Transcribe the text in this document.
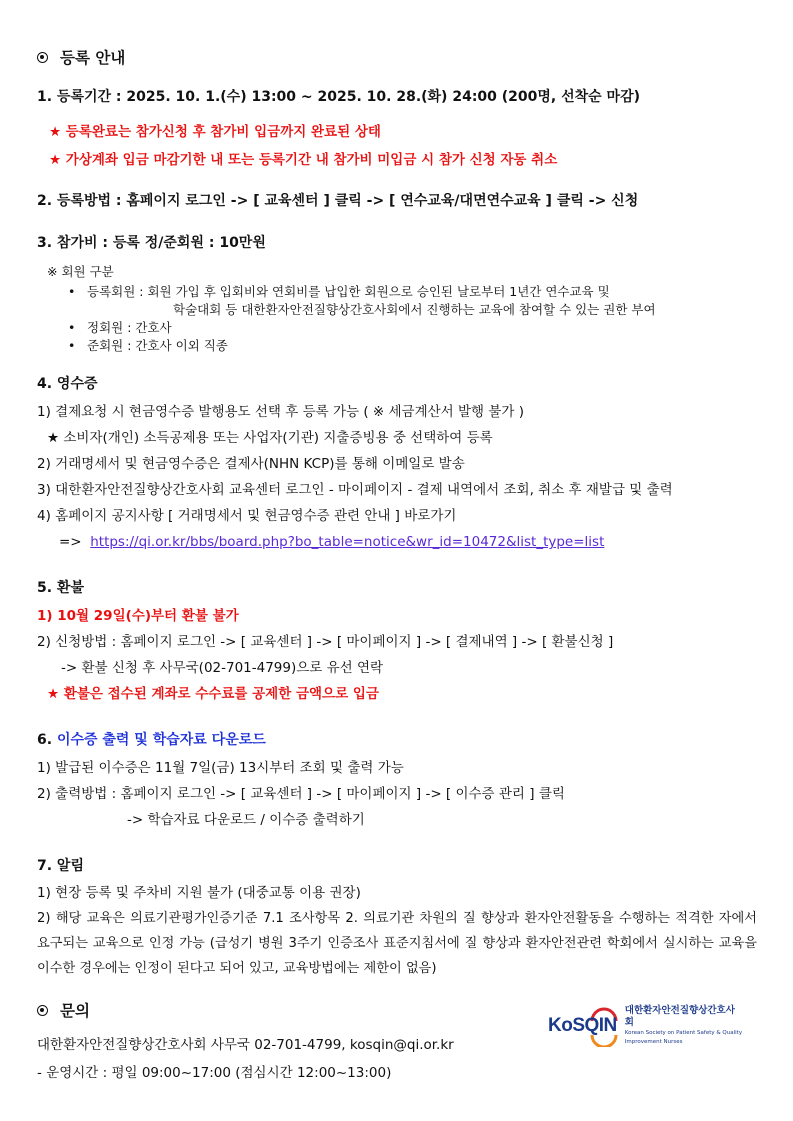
등록 안내

1. 등록기간 : 2025. 10. 1.(수) 13:00 ~ 2025. 10. 28.(화) 24:00 (200명, 선착순 마감)

★ 등록완료는 참가신청 후 참가비 입금까지 완료된 상태

★ 가상계좌 입금 마감기한 내 또는 등록기간 내 참가비 미입금 시 참가 신청 자동 취소

2. 등록방법 : 홈페이지 로그인 -> [ 교육센터 ] 클릭 -> [ 연수교육/대면연수교육 ] 클릭 -> 신청

3. 참가비 : 등록 정/준회원 : 10만원

※ 회원 구분

• 등록회원 : 회원 가입 후 입회비와 연회비를 납입한 회원으로 승인된 날로부터 1년간 연수교육 및
학술대회 등 대한환자안전질향상간호사회에서 진행하는 교육에 참여할 수 있는 권한 부여
• 정회원 : 간호사
• 준회원 : 간호사 이외 직종

4. 영수증

1) 결제요청 시 현금영수증 발행용도 선택 후 등록 가능 ( ※ 세금계산서 발행 불가 )

★ 소비자(개인) 소득공제용 또는 사업자(기관) 지출증빙용 중 선택하여 등록

2) 거래명세서 및 현금영수증은 결제사(NHN KCP)를 통해 이메일로 발송

3) 대한환자안전질향상간호사회 교육센터 로그인 - 마이페이지 - 결제 내역에서 조회, 취소 후 재발급 및 출력

4) 홈페이지 공지사항 [ 거래명세서 및 현금영수증 관련 안내 ] 바로가기

=> https://qi.or.kr/bbs/board.php?bo_table=notice&wr_id=10472&list_type=list

5. 환불

1) 10월 29일(수)부터 환불 불가

2) 신청방법 : 홈페이지 로그인 -> [ 교육센터 ] -> [ 마이페이지 ] -> [ 결제내역 ] -> [ 환불신청 ]

-> 환불 신청 후 사무국(02-701-4799)으로 유선 연락

★ 환불은 접수된 계좌로 수수료를 공제한 금액으로 입금

6. 이수증 출력 및 학습자료 다운로드

1) 발급된 이수증은 11월 7일(금) 13시부터 조회 및 출력 가능

2) 출력방법 : 홈페이지 로그인 -> [ 교육센터 ] -> [ 마이페이지 ] -> [ 이수증 관리 ] 클릭

-> 학습자료 다운로드 / 이수증 출력하기

7. 알림

1) 현장 등록 및 주차비 지원 불가 (대중교통 이용 권장)

2) 해당 교육은 의료기관평가인증기준 7.1 조사항목 2. 의료기관 차원의 질 향상과 환자안전활동을 수행하는 적격한 자에서 요구되는 교육으로 인정 가능 (급성기 병원 3주기 인증조사 표준지침서에 질 향상과 환자안전관련 학회에서 실시하는 교육을 이수한 경우에는 인정이 된다고 되어 있고, 교육방법에는 제한이 없음)

문의

대한환자안전질향상간호사회 사무국 02-701-4799, kosqin@qi.or.kr

- 운영시간 : 평일 09:00~17:00 (점심시간 12:00~13:00)

KoSQIN
대한환자안전질향상간호사회
Korean Society on Patient Safety & Quality
Improvement Nurses
